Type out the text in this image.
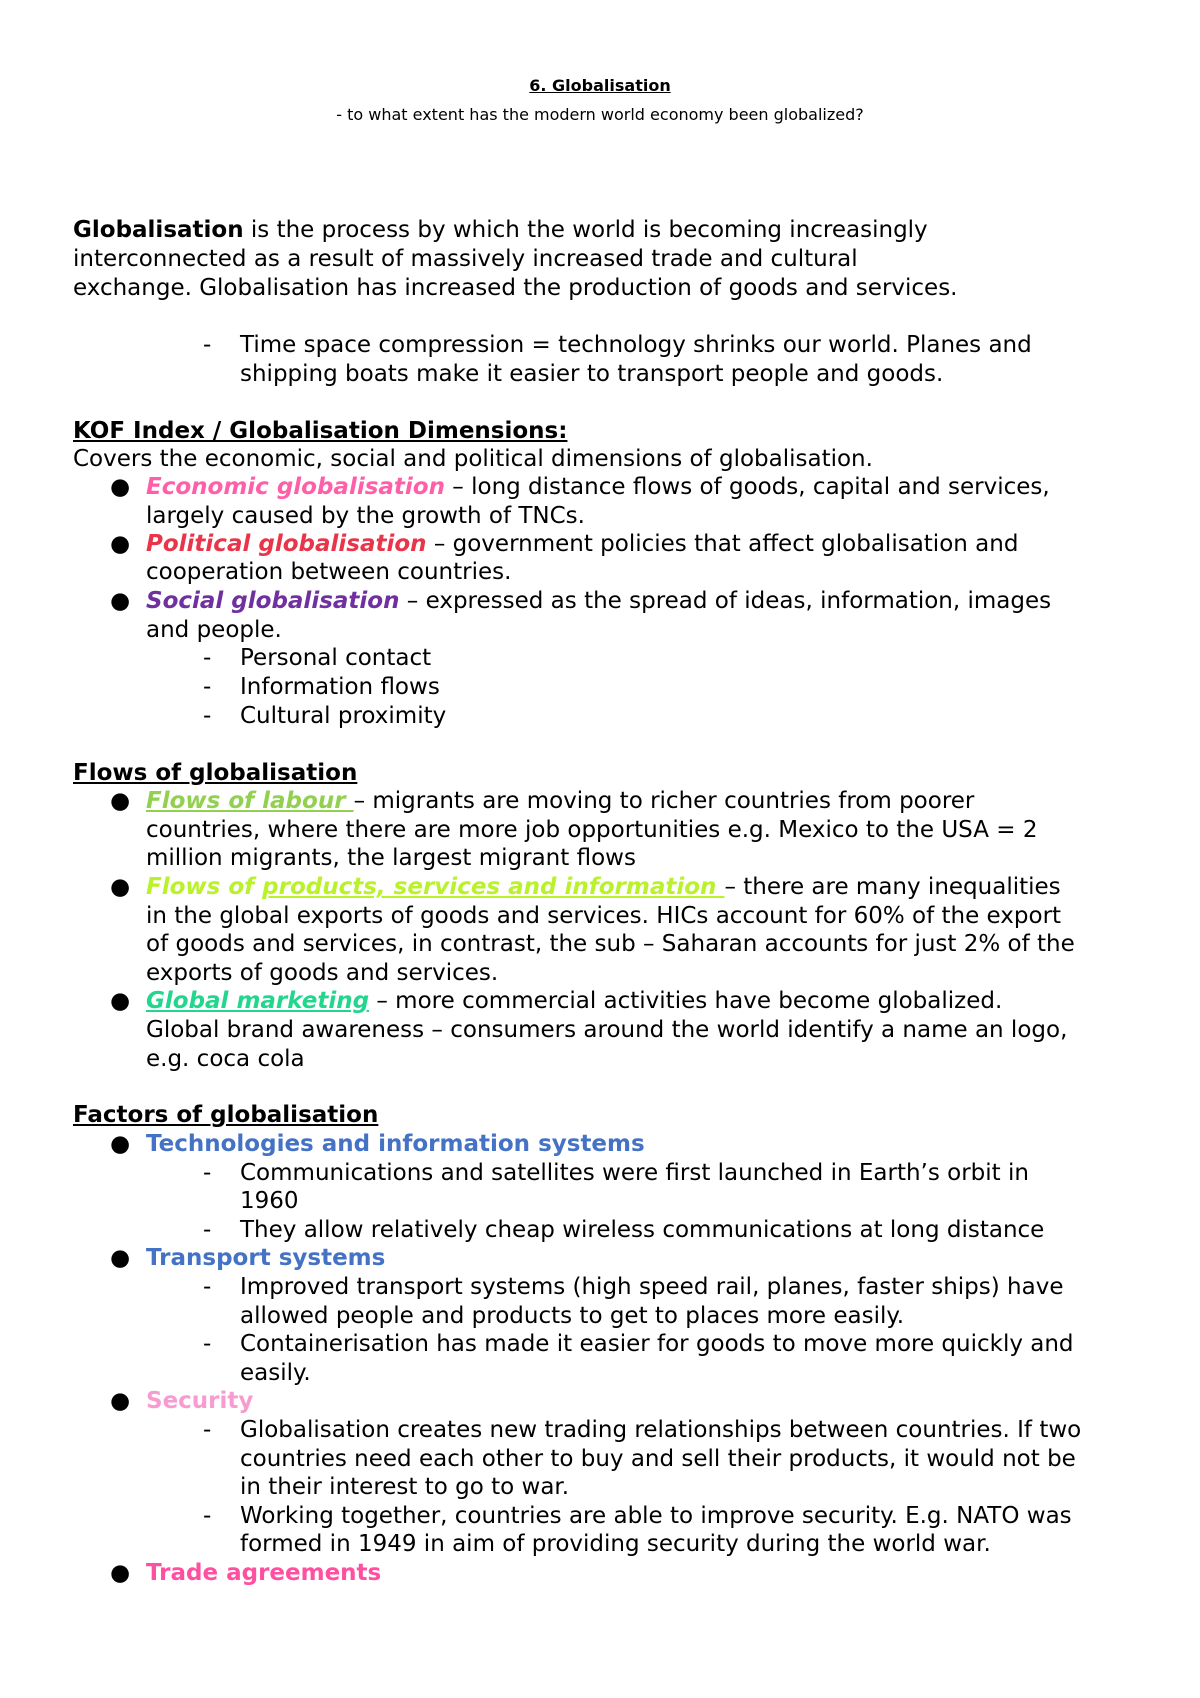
6. Globalisation

- to what extent has the modern world economy been globalized?

Globalisation is the process by which the world is becoming increasingly

interconnected as a result of massively increased trade and cultural

exchange. Globalisation has increased the production of goods and services.

- Time space compression = technology shrinks our world. Planes and

shipping boats make it easier to transport people and goods.

KOF Index / Globalisation Dimensions:

Covers the economic, social and political dimensions of globalisation.

● Economic globalisation – long distance flows of goods, capital and services,

largely caused by the growth of TNCs.

● Political globalisation – government policies that affect globalisation and

cooperation between countries.

● Social globalisation – expressed as the spread of ideas, information, images

and people.

- Personal contact

- Information flows

- Cultural proximity

Flows of globalisation

● Flows of labour – migrants are moving to richer countries from poorer

countries, where there are more job opportunities e.g. Mexico to the USA = 2

million migrants, the largest migrant flows

● Flows of products, services and information – there are many inequalities

in the global exports of goods and services. HICs account for 60% of the export

of goods and services, in contrast, the sub – Saharan accounts for just 2% of the

exports of goods and services.

● Global marketing – more commercial activities have become globalized.

Global brand awareness – consumers around the world identify a name an logo,

e.g. coca cola

Factors of globalisation

● Technologies and information systems

- Communications and satellites were first launched in Earth’s orbit in

1960

- They allow relatively cheap wireless communications at long distance

● Transport systems

- Improved transport systems (high speed rail, planes, faster ships) have

allowed people and products to get to places more easily.

- Containerisation has made it easier for goods to move more quickly and

easily.

● Security

- Globalisation creates new trading relationships between countries. If two

countries need each other to buy and sell their products, it would not be

in their interest to go to war.

- Working together, countries are able to improve security. E.g. NATO was

formed in 1949 in aim of providing security during the world war.

● Trade agreements
